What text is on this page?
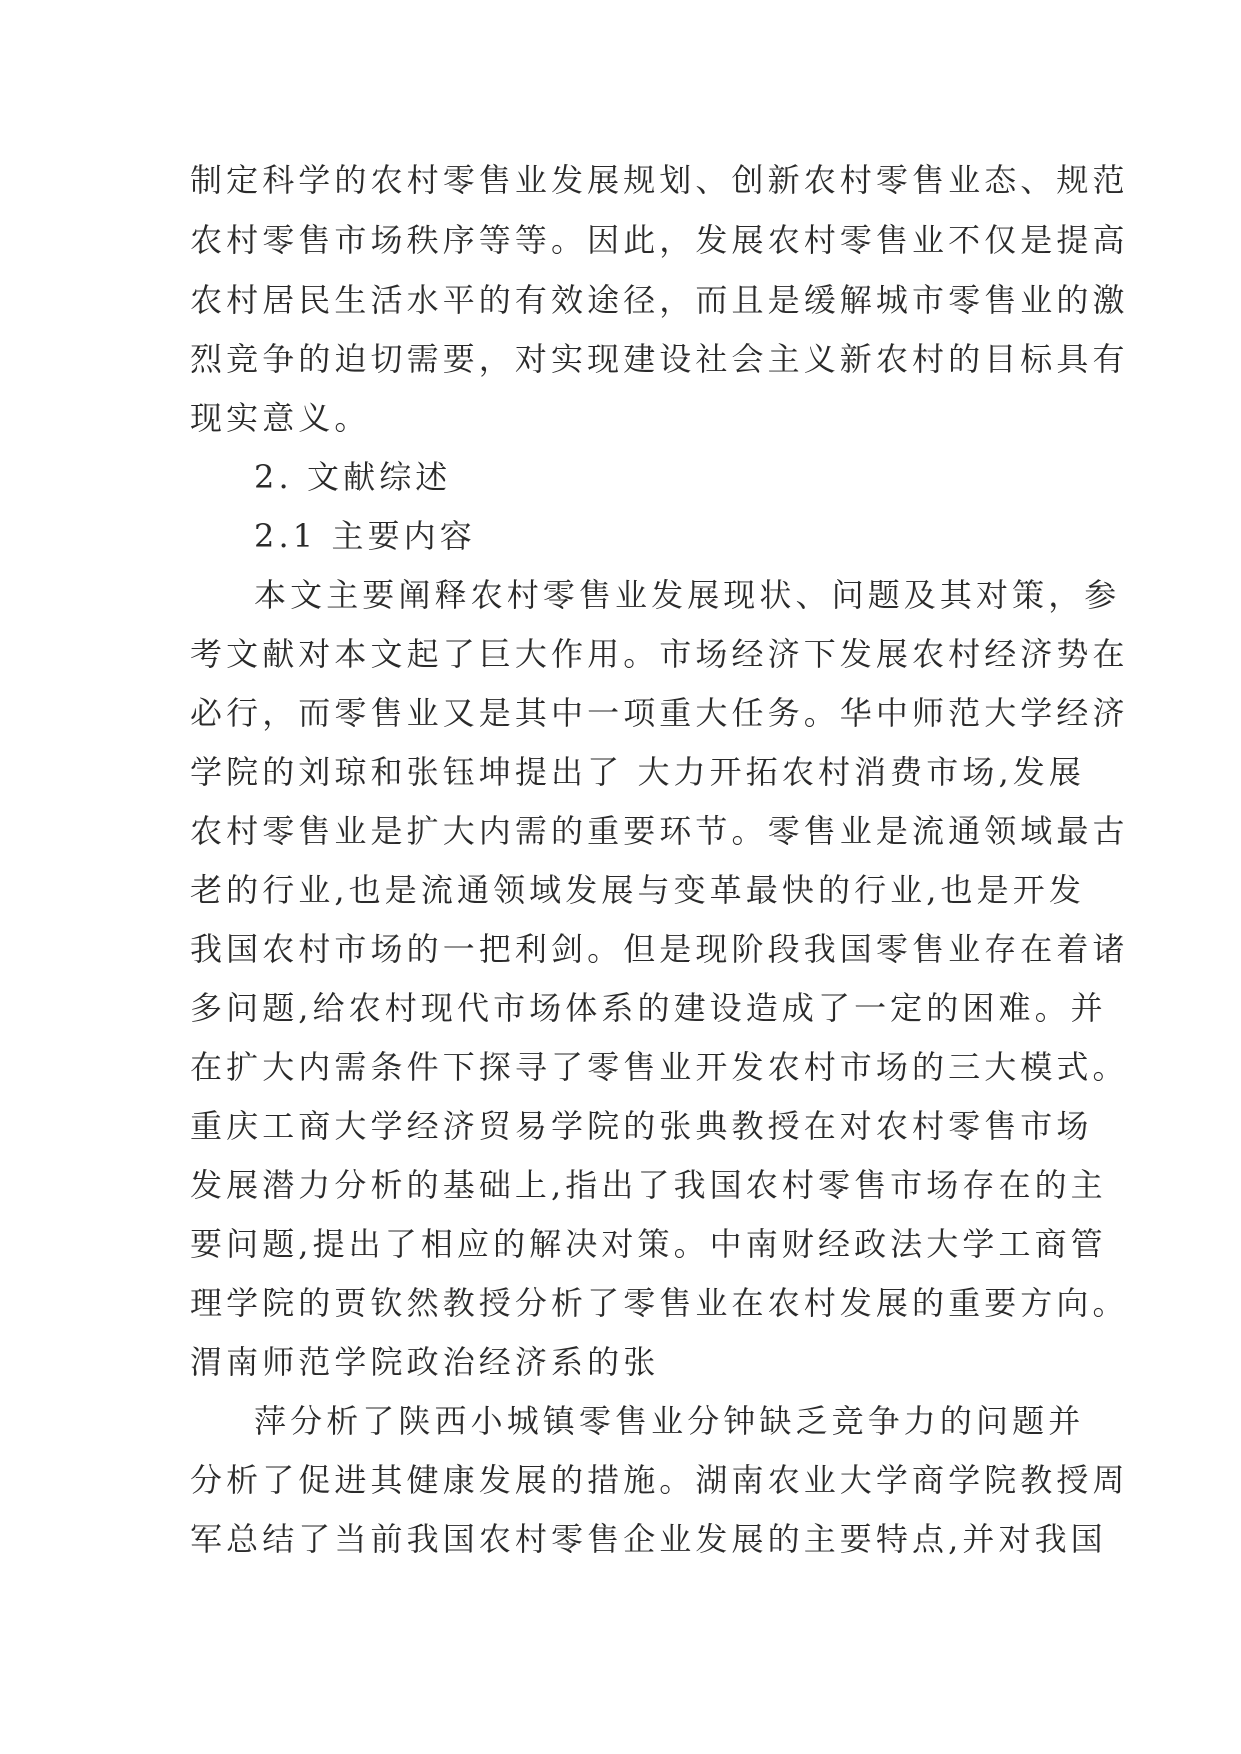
制定科学的农村零售业发展规划、创新农村零售业态、规范
农村零售市场秩序等等。因此，发展农村零售业不仅是提高
农村居民生活水平的有效途径，而且是缓解城市零售业的激
烈竞争的迫切需要，对实现建设社会主义新农村的目标具有
现实意义。
2. 文献综述
2.1 主要内容
本文主要阐释农村零售业发展现状、问题及其对策，参
考文献对本文起了巨大作用。市场经济下发展农村经济势在
必行，而零售业又是其中一项重大任务。华中师范大学经济
学院的刘琼和张钰坤提出了 大力开拓农村消费市场,发展
农村零售业是扩大内需的重要环节。零售业是流通领域最古
老的行业,也是流通领域发展与变革最快的行业,也是开发
我国农村市场的一把利剑。但是现阶段我国零售业存在着诸
多问题,给农村现代市场体系的建设造成了一定的困难。并
在扩大内需条件下探寻了零售业开发农村市场的三大模式。
重庆工商大学经济贸易学院的张典教授在对农村零售市场
发展潜力分析的基础上,指出了我国农村零售市场存在的主
要问题,提出了相应的解决对策。中南财经政法大学工商管
理学院的贾钦然教授分析了零售业在农村发展的重要方向。
渭南师范学院政治经济系的张
萍分析了陕西小城镇零售业分钟缺乏竞争力的问题并
分析了促进其健康发展的措施。湖南农业大学商学院教授周
军总结了当前我国农村零售企业发展的主要特点,并对我国
